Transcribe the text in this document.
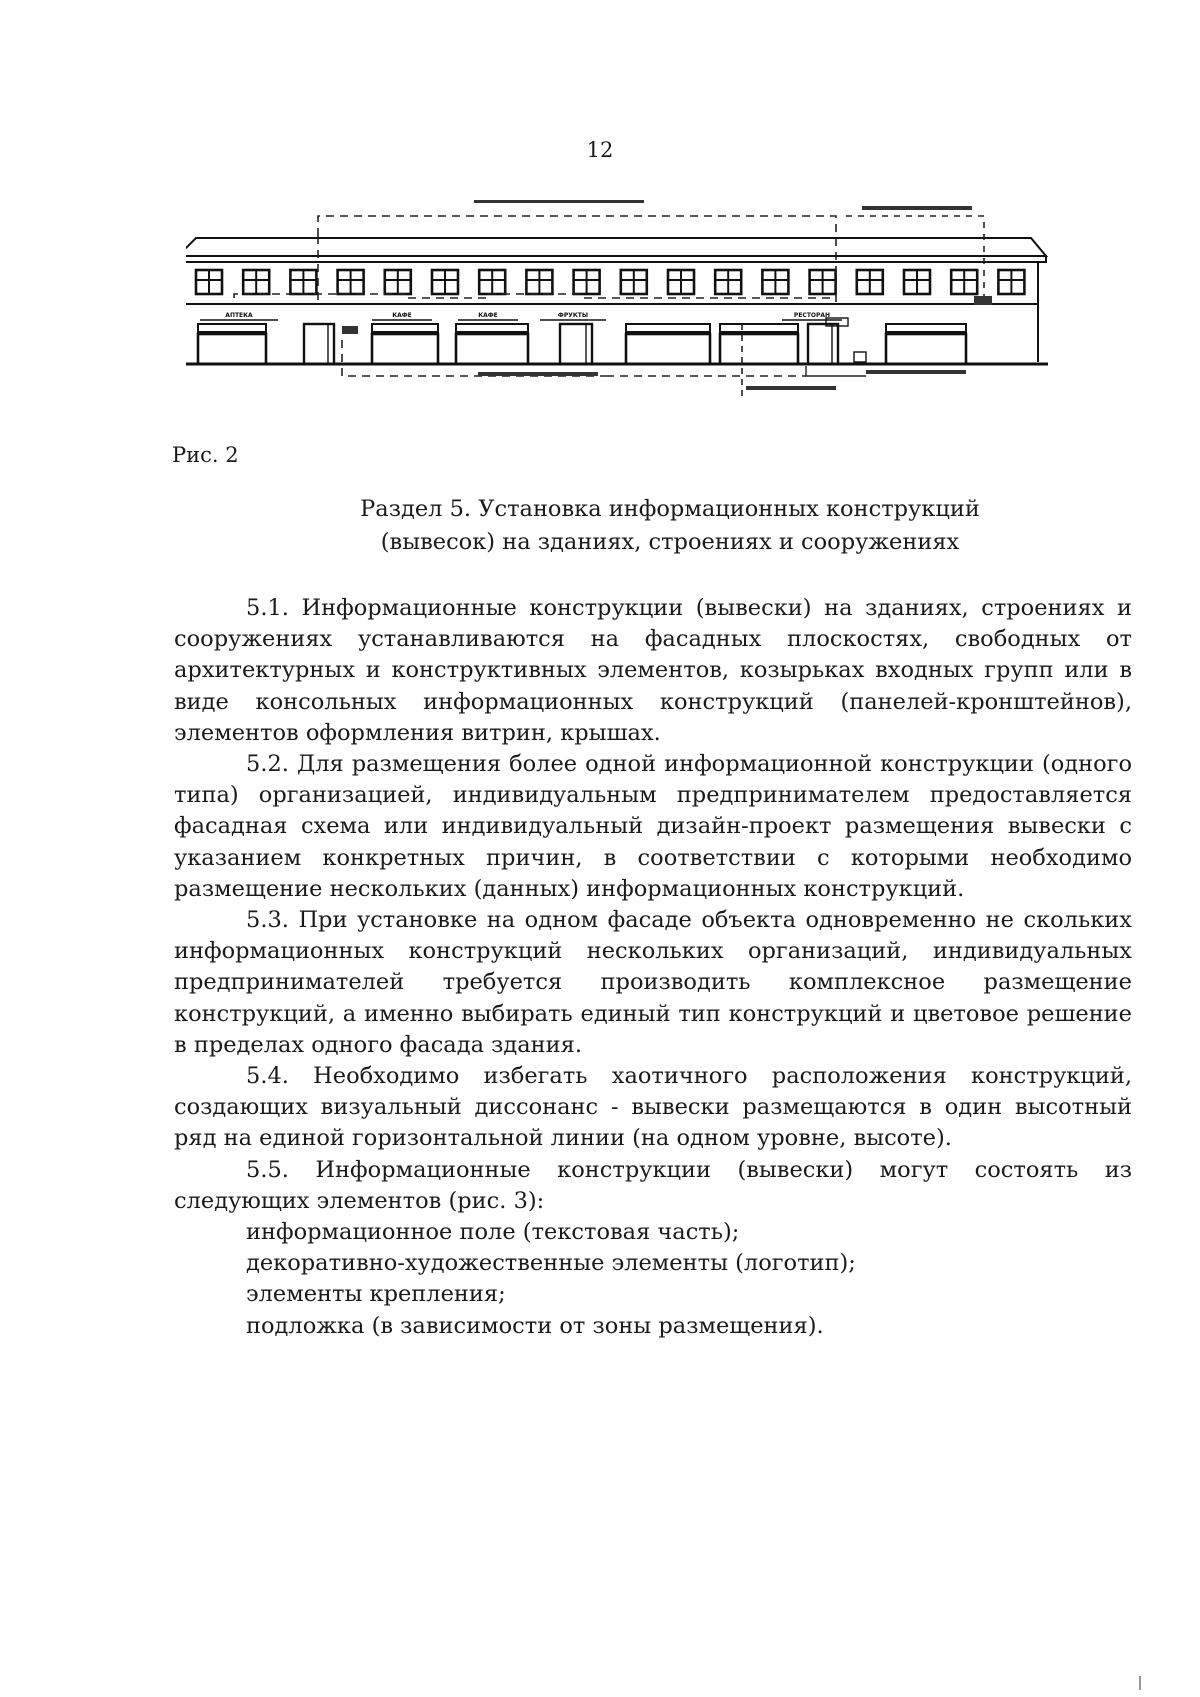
12
АПТЕКА	КАФЕ	КАФЕ	ФРУКТЫ	РЕСТОРАН
Рис. 2
Раздел 5. Установка информационных конструкций
(вывесок) на зданиях, строениях и сооружениях

5.1. Информационные конструкции (вывески) на зданиях, строениях и сооружениях устанавливаются на фасадных плоскостях, свободных от архитектурных и конструктивных элементов, козырьках входных групп или в виде консольных информационных конструкций (панелей-кронштейнов), элементов оформления витрин, крышах.

5.2. Для размещения более одной информационной конструкции (одного типа) организацией, индивидуальным предпринимателем предоставляется фасадная схема или индивидуальный дизайн-проект размещения вывески с указанием конкретных причин, в соответствии с которыми необходимо размещение нескольких (данных) информационных конструкций.

5.3. При установке на одном фасаде объекта одновременно не скольких информационных конструкций нескольких организаций, индивидуальных предпринимателей требуется производить комплексное размещение конструкций, а именно выбирать единый тип конструкций и цветовое решение в пределах одного фасада здания.

5.4. Необходимо избегать хаотичного расположения конструкций, создающих визуальный диссонанс - вывески размещаются в один высотный ряд на единой горизонтальной линии (на одном уровне, высоте).

5.5. Информационные конструкции (вывески) могут состоять из следующих элементов (рис. 3):

информационное поле (текстовая часть);

декоративно-художественные элементы (логотип);

элементы крепления;

подложка (в зависимости от зоны размещения).
